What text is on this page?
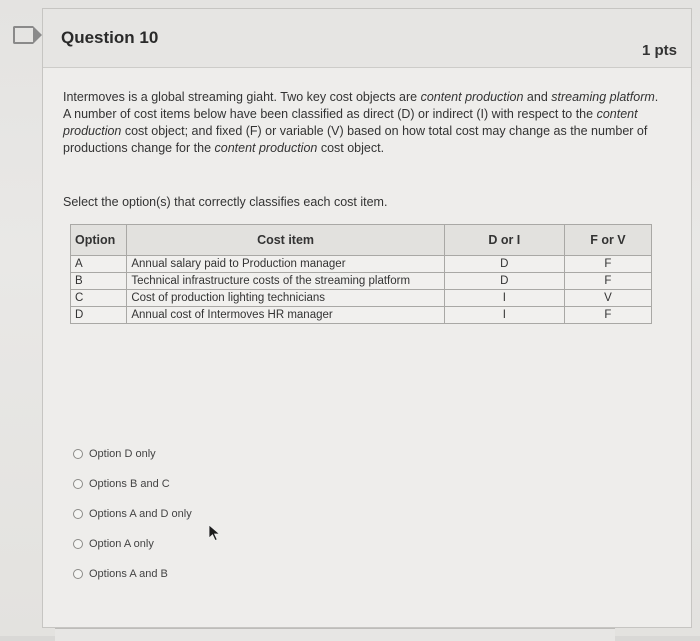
Question 10
1 pts
Intermoves is a global streaming giaht. Two key cost objects are content production and streaming platform. A number of cost items below have been classified as direct (D) or indirect (I) with respect to the content production cost object; and fixed (F) or variable (V) based on how total cost may change as the number of productions change for the content production cost object.
Select the option(s) that correctly classifies each cost item.
Option	Cost item	D or I	F or V
A	Annual salary paid to Production manager	D	F
B	Technical infrastructure costs of the streaming platform	D	F
C	Cost of production lighting technicians	I	V
D	Annual cost of Intermoves HR manager	I	F
Option D only
Options B and C
Options A and D only
Option A only
Options A and B
